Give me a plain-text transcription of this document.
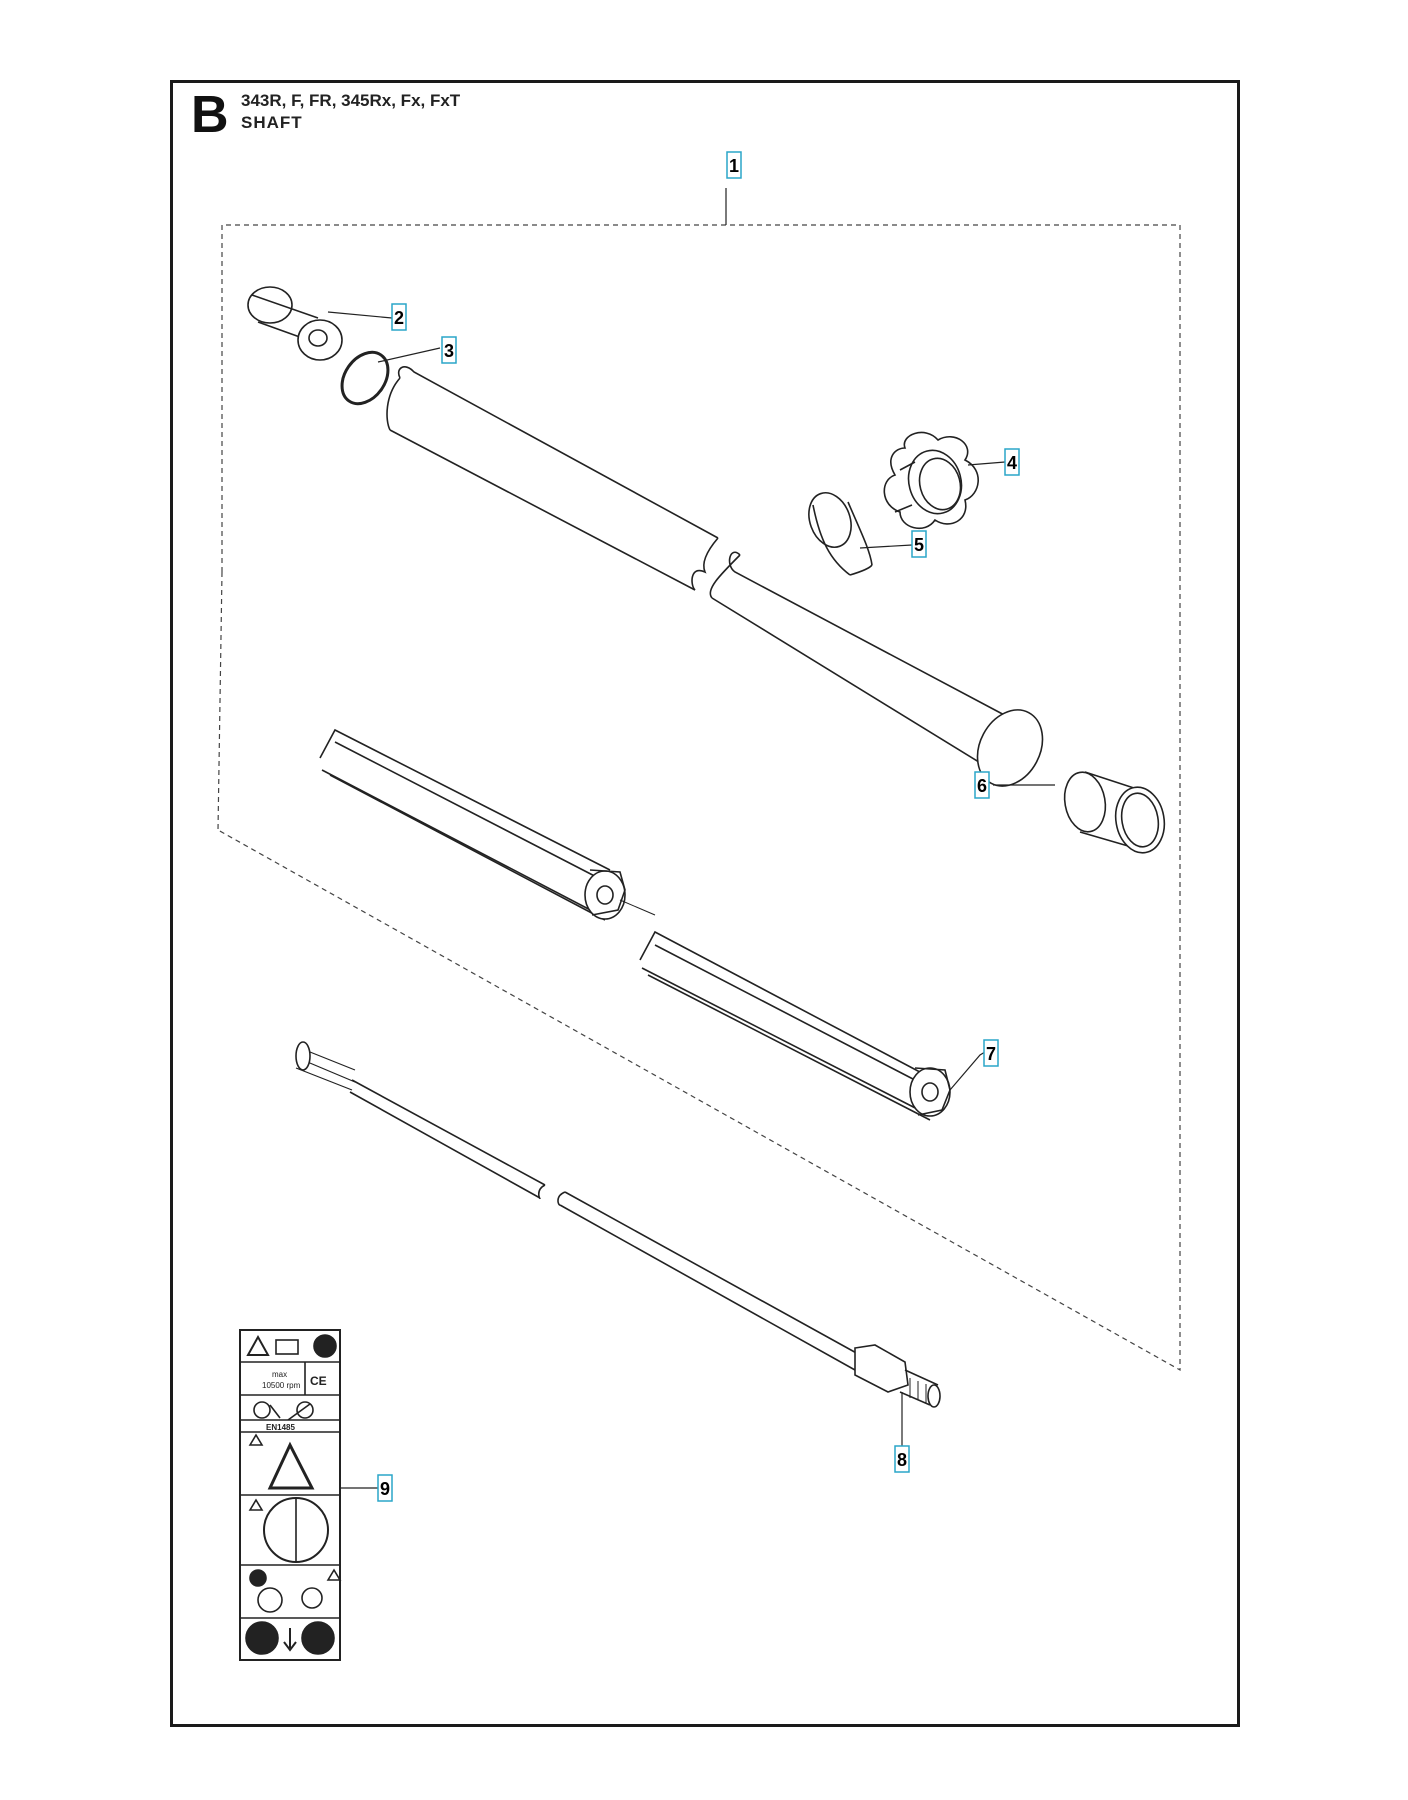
B 343R, F, FR, 345Rx, Fx, FxT
SHAFT
max
10500 rpm CE
EN1485
1
2
3
4
5
6
7
8
9
